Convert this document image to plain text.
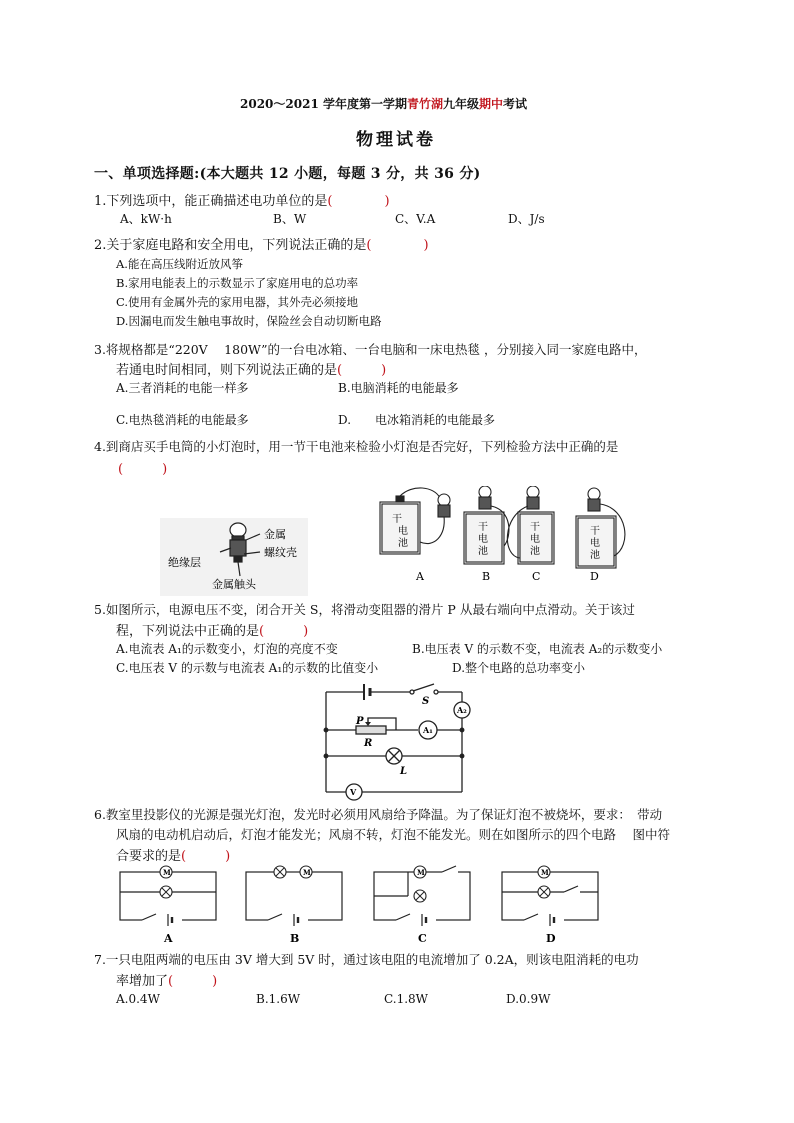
2020～2021 学年度第一学期青竹湖九年级期中考试
物理试卷
一、单项选择题:(本大题共 12 小题，每题 3 分，共 36 分)
1.下列选项中，能正确描述电功单位的是(　　　　)
A、kW·h	B、W	C、V.A	D、J/s
2.关于家庭电路和安全用电，下列说法正确的是(　　　　)
A.能在高压线附近放风筝
B.家用电能表上的示数显示了家庭用电的总功率
C.使用有金属外壳的家用电器，其外壳必须接地
D.因漏电而发生触电事故时，保险丝会自动切断电路
3.将规格都是“220V　 180W”的一台电冰箱、一台电脑和一床电热毯 ，分别接入同一家庭电路中，
若通电时间相同，则下列说法正确的是(　　　)
A.三者消耗的电能一样多	B.电脑消耗的电能最多
C.电热毯消耗的电能最多	D.　　电冰箱消耗的电能最多
4.到商店买手电筒的小灯泡时，用一节干电池来检验小灯泡是否完好，下列检验方法中正确的是
(　　　)
绝缘层
金属
螺纹壳
金属触头
干
电
池
干
电
池
干
电
池
干
电
池
A	B	C	D
5.如图所示，电源电压不变，闭合开关 S，将滑动变阻器的滑片 P 从最右端向中点滑动。关于该过
程，下列说法中正确的是(　　　)
A.电流表 A₁的示数变小，灯泡的亮度不变	B.电压表 V 的示数不变，电流表 A₂的示数变小
C.电压表 V 的示数与电流表 A₁的示数的比值变小	D.整个电路的总功率变小
S
P
R
L
A₂
A₁
V
6.教室里投影仪的光源是强光灯泡，发光时必须用风扇给予降温。为了保证灯泡不被烧坏，要求：　带动
风扇的电动机启动后，灯泡才能发光；风扇不转，灯泡不能发光。则在如图所示的四个电路　 图中符
合要求的是(　　　)
M	M	M	M
A	B	C	D
7.一只电阻两端的电压由 3V 增大到 5V 时，通过该电阻的电流增加了 0.2A，则该电阻消耗的电功
率增加了(　　　)
A.0.4W	B.1.6W	C.1.8W	D.0.9W
